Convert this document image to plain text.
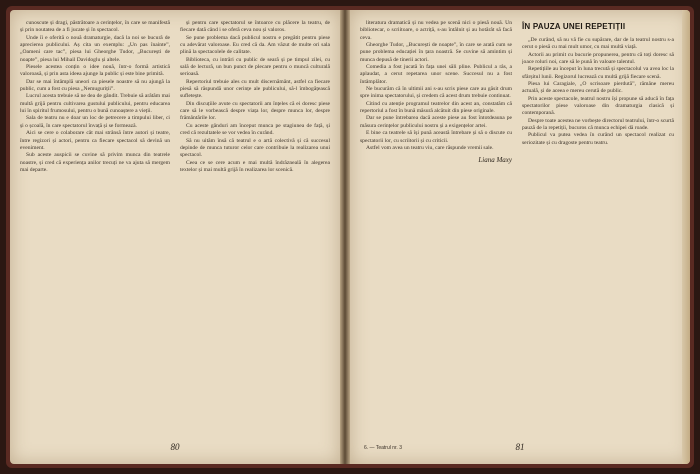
cunoscute și dragi, păstrătoare a cerințelor, în care se manifestă și prin noutatea de a fi jucate și în spectacol.

Unde îi e oferită o nouă dramaturgie, dacă la noi se bucură de aprecierea publicului. Aș cita un exemplu: „Un pas înainte”, „Oameni care tac”, piesa lui Gheorghe Tudor, „București de noapte”, piesa lui Mihail Davidoglu și altele.

Piesele acestea conțin o idee nouă, într-o formă artistică valoroasă, și prin asta ideea ajunge la public și este bine primită.

Dar se mai întâmplă uneori ca piesele noastre să nu ajungă la public, cum a fost cu piesa „Nemuguriții”.

Lucrul acesta trebuie să ne dea de gândit. Trebuie să arătăm mai multă grijă pentru cultivarea gustului publicului, pentru educarea lui în spiritul frumosului, pentru o bună cunoaștere a vieții.

Sala de teatru nu e doar un loc de petrecere a timpului liber, ci și o școală, în care spectatorul învață și se formează.

Aici se cere o colaborare cât mai strânsă între autori și teatre, între regizori și actori, pentru ca fiecare spectacol să devină un eveniment.

Sub aceste auspicii se cuvine să privim munca din teatrele noastre, și cred că experiența anilor trecuți ne va ajuta să mergem mai departe.

și pentru care spectatorul se întoarce cu plăcere la teatru, de fiecare dată când i se oferă ceva nou și valoros.

Se pune problema dacă publicul nostru e pregătit pentru piese cu adevărat valoroase. Eu cred că da. Am văzut de multe ori sala plină la spectacolele de calitate.

Biblioteca, cu intrări cu public de seară și pe timpul zilei, cu sală de lectură, un bun punct de plecare pentru o muncă culturală serioasă.

Repertoriul trebuie ales cu mult discernământ, astfel ca fiecare piesă să răspundă unor cerințe ale publicului, să-l îmbogățească sufletește.

Din discuțiile avute cu spectatorii am înțeles că ei doresc piese care să le vorbească despre viața lor, despre munca lor, despre frământările lor.

Cu aceste gânduri am început munca pe stagiunea de față, și cred că rezultatele se vor vedea în curând.

Să nu uităm însă că teatrul e o artă colectivă și că succesul depinde de munca tuturor celor care contribuie la realizarea unui spectacol.

Ceea ce se cere acum e mai multă îndrăzneală în alegerea textelor și mai multă grijă în realizarea lor scenică.

80

literatura dramatică și nu vedea pe scenă nici o piesă nouă. Un bibliotecar, o scriitoare, o actriță, s-au întâlnit și au hotărât să facă ceva.

Gheorghe Tudor, „București de noapte”, în care se arată cum se pune problema educației în țara noastră. Se cuvine să amintim și munca depusă de tinerii actori.

Comedia a fost jucată în fața unei săli pline. Publicul a râs, a aplaudat, a cerut repetarea unor scene. Succesul nu a fost întâmplător.

Ne bucurăm că în ultimii ani s-au scris piese care au găsit drum spre inima spectatorului, și credem că acest drum trebuie continuat.

Citind cu atenție programul teatrelor din acest an, constatăm că repertoriul a fost în bună măsură alcătuit din piese originale.

Dar se pune întrebarea dacă aceste piese au fost întotdeauna pe măsura cerințelor publicului nostru și a exigențelor artei.

E bine ca teatrele să își pună această întrebare și să o discute cu spectatorii lor, cu scriitorii și cu criticii.

Astfel vom avea un teatru viu, care răspunde vremii sale.

Liana Maxy
ÎN PAUZA UNEI REPETIȚII

„De curând, să nu vă fie cu supărare, dar de la teatrul nostru s-a cerut o piesă cu mai mult umor, cu mai multă viață.

Actorii au primit cu bucurie propunerea, pentru că toți doresc să joace roluri noi, care să le pună în valoare talentul.

Repetițiile au început în luna trecută și spectacolul va avea loc la sfârșitul lunii. Regizorul lucrează cu multă grijă fiecare scenă.

Piesa lui Caragiale, „O scrisoare pierdută”, rămâne mereu actuală, și de aceea e mereu cerută de public.

Prin aceste spectacole, teatrul nostru își propune să aducă în fața spectatorilor piese valoroase din dramaturgia clasică și contemporană.

Despre toate acestea ne vorbește directorul teatrului, într-o scurtă pauză de la repetiții, bucuros că munca echipei dă roade.

Publicul va putea vedea în curând un spectacol realizat cu seriozitate și cu dragoste pentru teatru.

6. — Teatrul nr. 3	81
